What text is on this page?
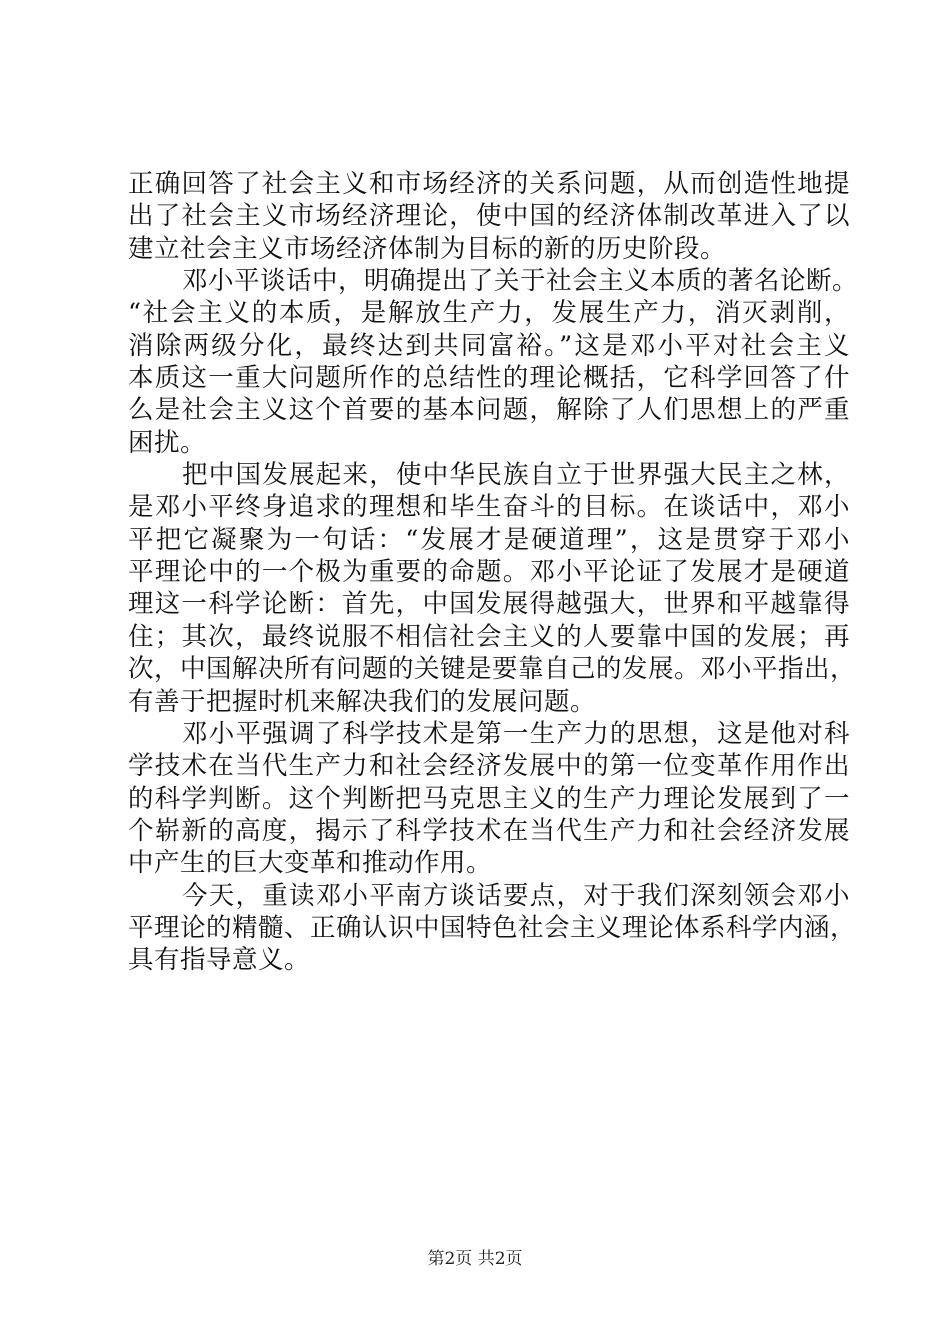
正确回答了社会主义和市场经济的关系问题，从而创造性地提
出了社会主义市场经济理论，使中国的经济体制改革进入了以
建立社会主义市场经济体制为目标的新的历史阶段。
邓小平谈话中，明确提出了关于社会主义本质的著名论断。
“社会主义的本质，是解放生产力，发展生产力，消灭剥削，
消除两级分化，最终达到共同富裕。”这是邓小平对社会主义
本质这一重大问题所作的总结性的理论概括，它科学回答了什
么是社会主义这个首要的基本问题，解除了人们思想上的严重
困扰。
把中国发展起来，使中华民族自立于世界强大民主之林，
是邓小平终身追求的理想和毕生奋斗的目标。在谈话中，邓小
平把它凝聚为一句话：“发展才是硬道理”，这是贯穿于邓小
平理论中的一个极为重要的命题。邓小平论证了发展才是硬道
理这一科学论断：首先，中国发展得越强大，世界和平越靠得
住；其次，最终说服不相信社会主义的人要靠中国的发展；再
次，中国解决所有问题的关键是要靠自己的发展。邓小平指出，
有善于把握时机来解决我们的发展问题。
邓小平强调了科学技术是第一生产力的思想，这是他对科
学技术在当代生产力和社会经济发展中的第一位变革作用作出
的科学判断。这个判断把马克思主义的生产力理论发展到了一
个崭新的高度，揭示了科学技术在当代生产力和社会经济发展
中产生的巨大变革和推动作用。
今天，重读邓小平南方谈话要点，对于我们深刻领会邓小
平理论的精髓、正确认识中国特色社会主义理论体系科学内涵，
具有指导意义。
第2页 共2页
